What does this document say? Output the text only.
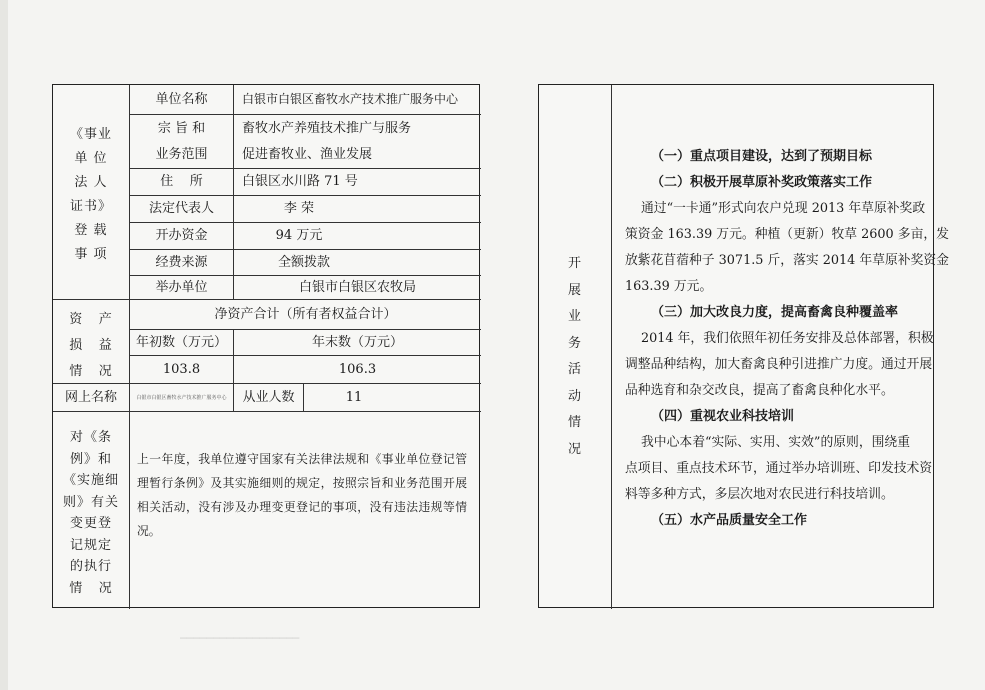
━━━━━━━━━━━━━━━━━━
《事业
单 位
法 人
证书》
登 载
事 项
单位名称	白银市白银区畜牧水产技术推广服务中心
宗 旨 和	畜牧水产养殖技术推广与服务
业务范围	促进畜牧业、渔业发展
住    所	白银区水川路 71 号
法定代表人	李 荣
开办资金	94 万元
经费来源	全额拨款
举办单位	白银市白银区农牧局
资   产
损   益
情   况
净资产合计（所有者权益合计）
年初数（万元）	年末数（万元）
103.8	106.3
网上名称	白银市白银区畜牧水产技术推广服务中心	从业人数	11
对《条
例》和
《实施细
则》有关
变更登
记规定
的执行
情   况
上一年度，我单位遵守国家有关法律法规和《事业单位登记管理暂行条例》及其实施细则的规定，按照宗旨和业务范围开展相关活动，没有涉及办理变更登记的事项，没有违法违规等情况。
开
展
业
务
活
动
情
况
（一）重点项目建设，达到了预期目标
（二）积极开展草原补奖政策落实工作
通过“一卡通”形式向农户兑现 2013 年草原补奖政
策资金 163.39 万元。种植（更新）牧草 2600 多亩，发
放紫花苜蓿种子 3071.5 斤，落实 2014 年草原补奖资金
163.39 万元。
（三）加大改良力度，提高畜禽良种覆盖率
2014 年，我们依照年初任务安排及总体部署，积极
调整品种结构，加大畜禽良种引进推广力度。通过开展
品种选育和杂交改良，提高了畜禽良种化水平。
（四）重视农业科技培训
我中心本着“实际、实用、实效”的原则，围绕重
点项目、重点技术环节，通过举办培训班、印发技术资
料等多种方式，多层次地对农民进行科技培训。
（五）水产品质量安全工作
